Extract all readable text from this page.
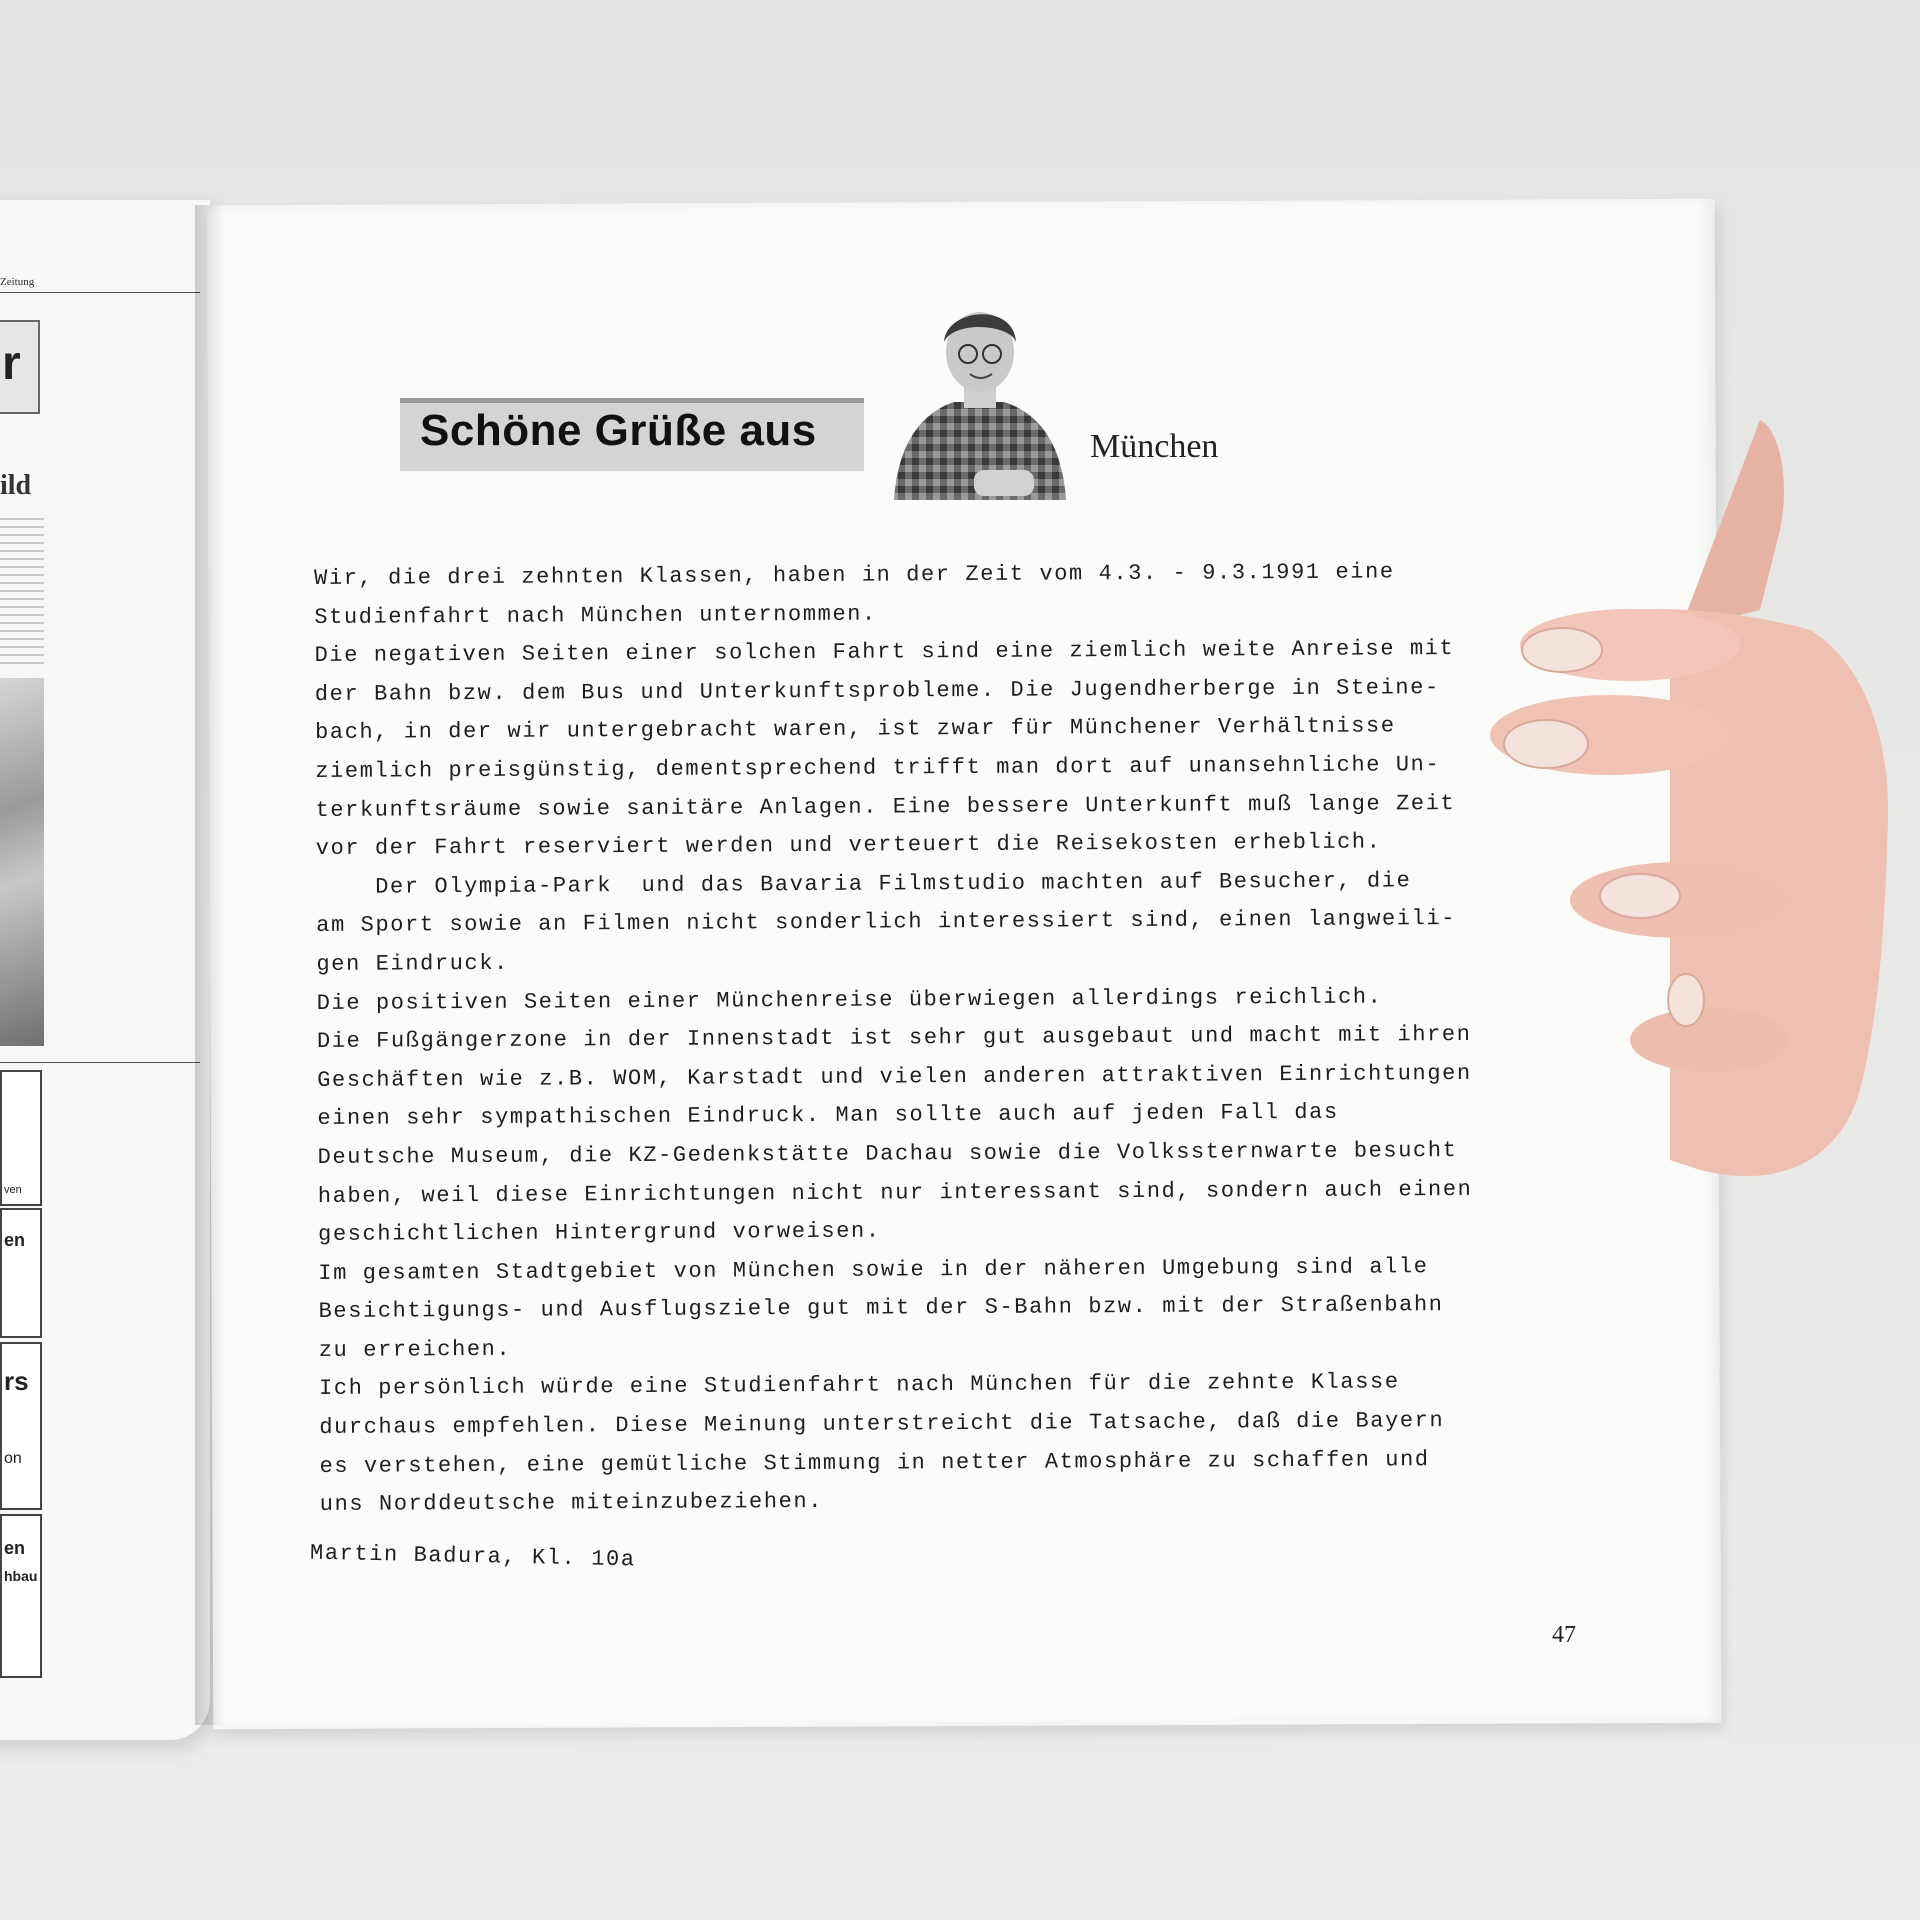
Zeitung
r
ild
ven
en
rs
on
en
hbau
Schöne Grüße aus	München

Wir, die drei zehnten Klassen, haben in der Zeit vom 4.3. - 9.3.1991 eine
Studienfahrt nach München unternommen.

Die negativen Seiten einer solchen Fahrt sind eine ziemlich weite Anreise mit
der Bahn bzw. dem Bus und Unterkunftsprobleme. Die Jugendherberge in Steine-
bach, in der wir untergebracht waren, ist zwar für Münchener Verhältnisse
ziemlich preisgünstig, dementsprechend trifft man dort auf unansehnliche Un-
terkunftsräume sowie sanitäre Anlagen. Eine bessere Unterkunft muß lange Zeit
vor der Fahrt reserviert werden und verteuert die Reisekosten erheblich.

Der Olympia-Park  und das Bavaria Filmstudio machten auf Besucher, die
am Sport sowie an Filmen nicht sonderlich interessiert sind, einen langweili-
gen Eindruck.

Die positiven Seiten einer Münchenreise überwiegen allerdings reichlich.

Die Fußgängerzone in der Innenstadt ist sehr gut ausgebaut und macht mit ihren
Geschäften wie z.B. WOM, Karstadt und vielen anderen attraktiven Einrichtungen
einen sehr sympathischen Eindruck. Man sollte auch auf jeden Fall das
Deutsche Museum, die KZ-Gedenkstätte Dachau sowie die Volkssternwarte besucht
haben, weil diese Einrichtungen nicht nur interessant sind, sondern auch einen
geschichtlichen Hintergrund vorweisen.

Im gesamten Stadtgebiet von München sowie in der näheren Umgebung sind alle
Besichtigungs- und Ausflugsziele gut mit der S-Bahn bzw. mit der Straßenbahn
zu erreichen.

Ich persönlich würde eine Studienfahrt nach München für die zehnte Klasse
durchaus empfehlen. Diese Meinung unterstreicht die Tatsache, daß die Bayern
es verstehen, eine gemütliche Stimmung in netter Atmosphäre zu schaffen und
uns Norddeutsche miteinzubeziehen.

Martin Badura, Kl. 10a
47
